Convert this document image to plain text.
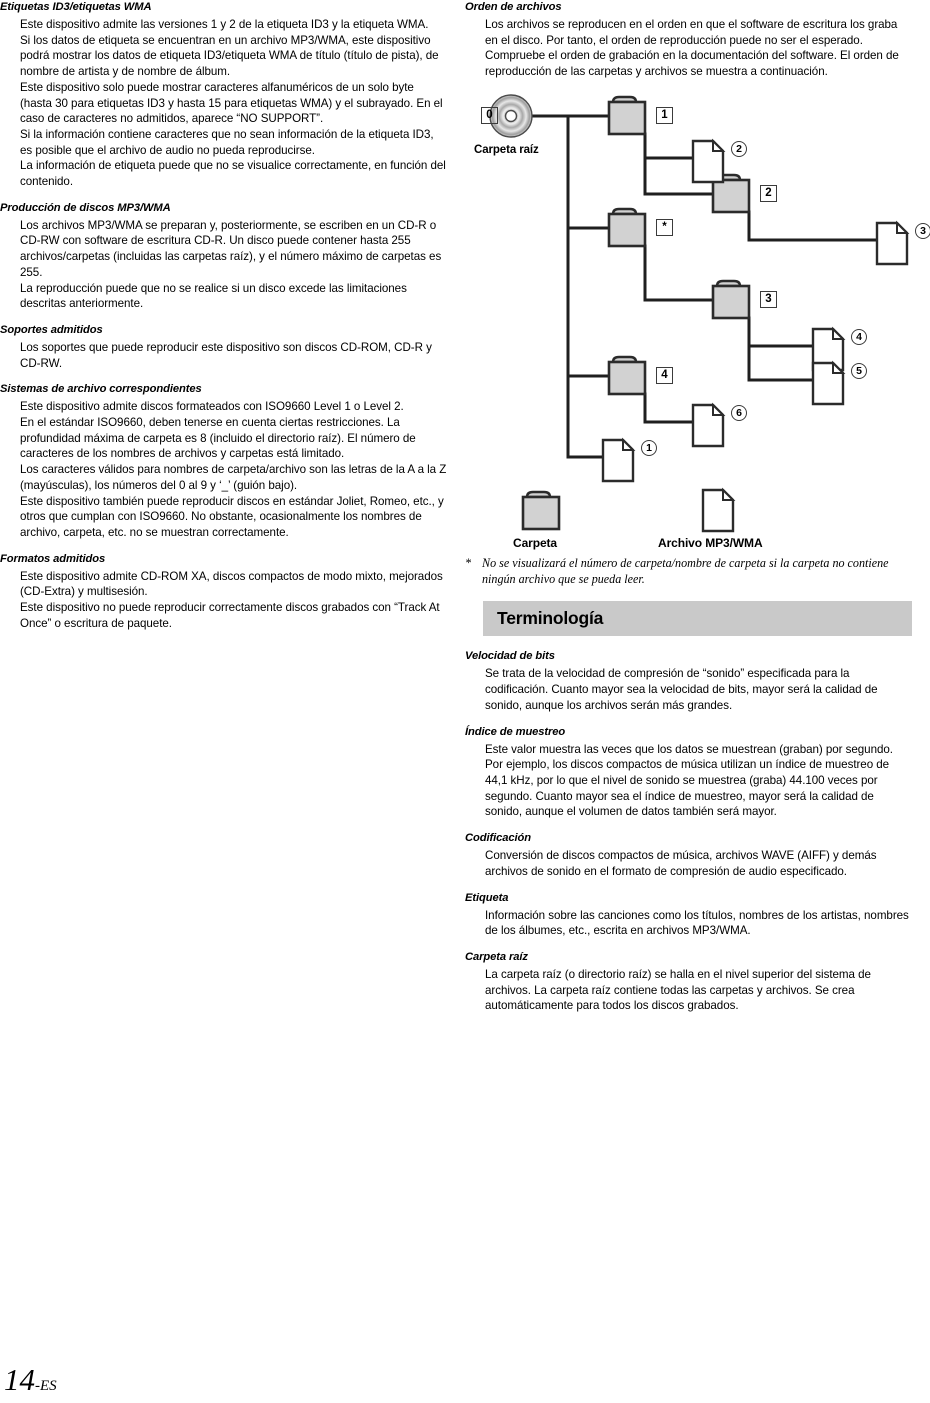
Etiquetas ID3/etiquetas WMA

Este dispositivo admite las versiones 1 y 2 de la etiqueta ID3 y la etiqueta WMA.

Si los datos de etiqueta se encuentran en un archivo MP3/WMA, este dispositivo podrá mostrar los datos de etiqueta ID3/etiqueta WMA de título (título de pista), de nombre de artista y de nombre de álbum.

Este dispositivo solo puede mostrar caracteres alfanuméricos de un solo byte (hasta 30 para etiquetas ID3 y hasta 15 para etiquetas WMA) y el subrayado. En el caso de caracteres no admitidos, aparece “NO SUPPORT”.

Si la información contiene caracteres que no sean información de la etiqueta ID3, es posible que el archivo de audio no pueda reproducirse.

La información de etiqueta puede que no se visualice correctamente, en función del contenido.

Producción de discos MP3/WMA

Los archivos MP3/WMA se preparan y, posteriormente, se escriben en un CD-R o CD-RW con software de escritura CD-R. Un disco puede contener hasta 255 archivos/carpetas (incluidas las carpetas raíz), y el número máximo de carpetas es 255.

La reproducción puede que no se realice si un disco excede las limitaciones descritas anteriormente.

Soportes admitidos

Los soportes que puede reproducir este dispositivo son discos CD-ROM, CD-R y CD-RW.

Sistemas de archivo correspondientes

Este dispositivo admite discos formateados con ISO9660 Level 1 o Level 2.

En el estándar ISO9660, deben tenerse en cuenta ciertas restricciones. La profundidad máxima de carpeta es 8 (incluido el directorio raíz). El número de caracteres de los nombres de archivos y carpetas está limitado.

Los caracteres válidos para nombres de carpeta/archivo son las letras de la A a la Z (mayúsculas), los números del 0 al 9 y ‘_’ (guión bajo).

Este dispositivo también puede reproducir discos en estándar Joliet, Romeo, etc., y otros que cumplan con ISO9660. No obstante, ocasionalmente los nombres de archivo, carpeta, etc. no se muestran correctamente.

Formatos admitidos

Este dispositivo admite CD-ROM XA, discos compactos de modo mixto, mejorados (CD-Extra) y multisesión.

Este dispositivo no puede reproducir correctamente discos grabados con “Track At Once” o escritura de paquete.

Orden de archivos

Los archivos se reproducen en el orden en que el software de escritura los graba en el disco. Por tanto, el orden de reproducción puede no ser el esperado. Compruebe el orden de grabación en la documentación del software. El orden de reproducción de las carpetas y archivos se muestra a continuación.

0
Carpeta raíz
1
2
*
3
4
2
3
4
5
6
1
Carpeta	Archivo MP3/WMA
* No se visualizará el número de carpeta/nombre de carpeta si la carpeta no contiene ningún archivo que se pueda leer.
Terminología
Velocidad de bits

Se trata de la velocidad de compresión de “sonido” especificada para la codificación. Cuanto mayor sea la velocidad de bits, mayor será la calidad de sonido, aunque los archivos serán más grandes.

Índice de muestreo

Este valor muestra las veces que los datos se muestrean (graban) por segundo. Por ejemplo, los discos compactos de música utilizan un índice de muestreo de 44,1 kHz, por lo que el nivel de sonido se muestrea (graba) 44.100 veces por segundo. Cuanto mayor sea el índice de muestreo, mayor será la calidad de sonido, aunque el volumen de datos también será mayor.

Codificación

Conversión de discos compactos de música, archivos WAVE (AIFF) y demás archivos de sonido en el formato de compresión de audio especificado.

Etiqueta

Información sobre las canciones como los títulos, nombres de los artistas, nombres de los álbumes, etc., escrita en archivos MP3/WMA.

Carpeta raíz

La carpeta raíz (o directorio raíz) se halla en el nivel superior del sistema de archivos. La carpeta raíz contiene todas las carpetas y archivos. Se crea automáticamente para todos los discos grabados.

14-ES
